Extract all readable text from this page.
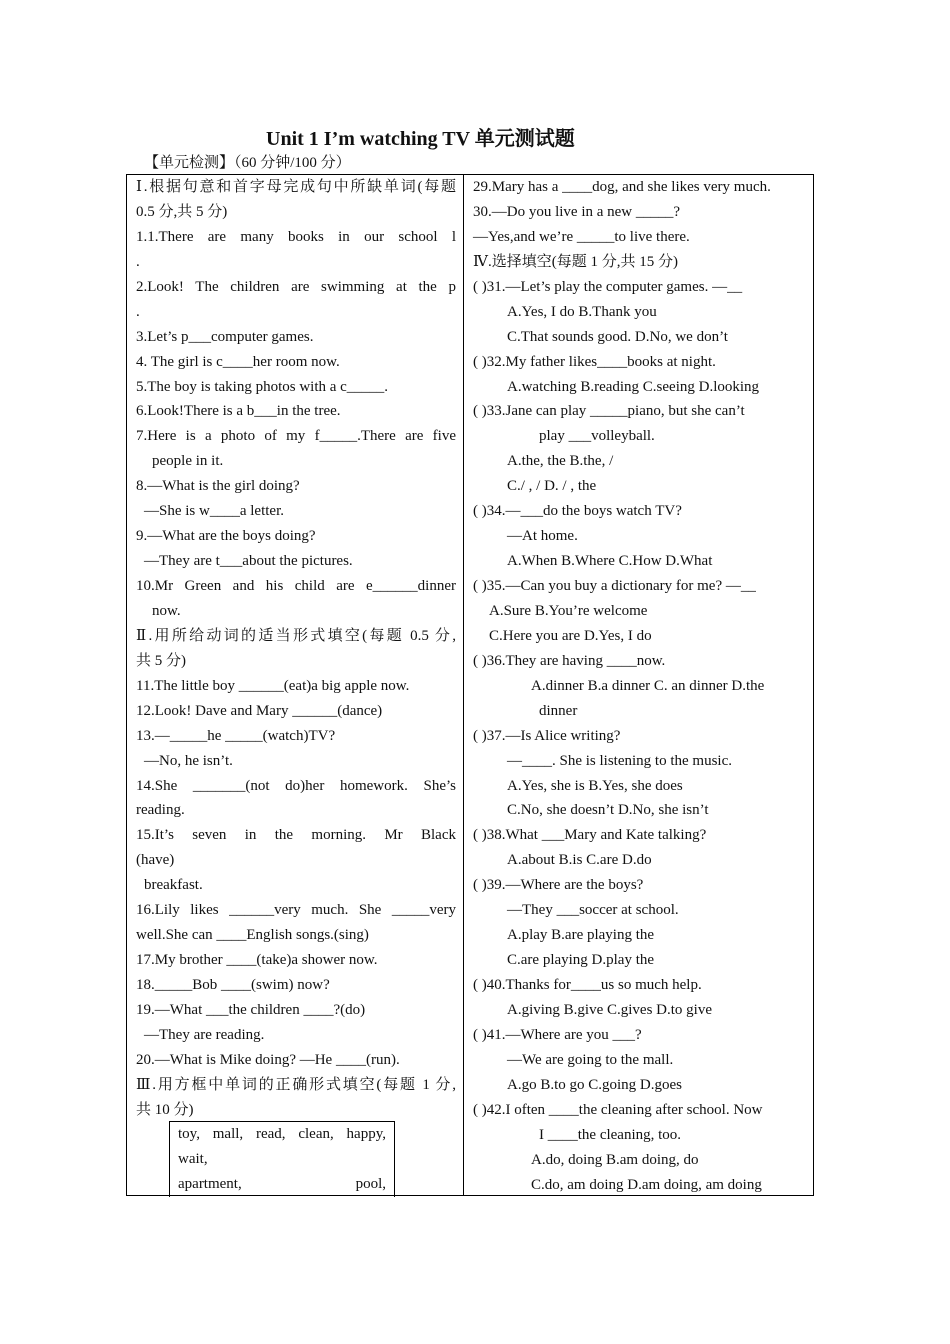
Unit 1 I’m watching TV 单元测试题
【单元检测】（60 分钟/100 分）
Ⅰ.根据句意和首字母完成句中所缺单词(每题
0.5 分,共 5 分)
1.1.There are many books in our school l
.
2.Look! The children are swimming at the p
.
3.Let’s p___computer games.
4. The girl is c____her room now.
5.The boy is taking photos with a c_____.
6.Look!There is a b___in the tree.
7.Here is a photo of my f_____.There are five
people in it.
8.—What is the girl doing?
—She is w____a letter.
9.—What are the boys doing?
—They are t___about the pictures.
10.Mr Green and his child are e______dinner
now.
Ⅱ.用所给动词的适当形式填空(每题 0.5 分,
共 5 分)
11.The little boy ______(eat)a big apple now.
12.Look! Dave and Mary ______(dance)
13.—_____he _____(watch)TV?
—No, he isn’t.
14.She _______(not do)her homework. She’s
reading.
15.It’s seven in the morning. Mr Black
(have)
breakfast.
16.Lily likes ______very much. She _____very
well.She can ____English songs.(sing)
17.My brother ____(take)a shower now.
18._____Bob ____(swim) now?
19.—What ___the children ____?(do)
—They are reading.
20.—What is Mike doing? —He ____(run).
Ⅲ.用方框中单词的正确形式填空(每题 1 分,
共 10 分)
29.Mary has a ____dog, and she likes very much.
30.—Do you live in a new _____?
—Yes,and we’re _____to live there.
Ⅳ.选择填空(每题 1 分,共 15 分)
( )31.—Let’s play the computer games. —__
A.Yes, I do B.Thank you
C.That sounds good. D.No, we don’t
( )32.My father likes____books at night.
A.watching B.reading C.seeing D.looking
( )33.Jane can play _____piano, but she can’t
play ___volleyball.
A.the, the B.the, /
C./ , / D. / , the
( )34.—___do the boys watch TV?
—At home.
A.When B.Where C.How D.What
( )35.—Can you buy a dictionary for me? —__
A.Sure B.You’re welcome
C.Here you are D.Yes, I do
( )36.They are having ____now.
A.dinner B.a dinner C. an dinner D.the
dinner
( )37.—Is Alice writing?
—____. She is listening to the music.
A.Yes, she is B.Yes, she does
C.No, she doesn’t D.No, she isn’t
( )38.What ___Mary and Kate talking?
A.about B.is C.are D.do
( )39.—Where are the boys?
—They ___soccer at school.
A.play B.are playing the
C.are playing D.play the
( )40.Thanks for____us so much help.
A.giving B.give C.gives D.to give
( )41.—Where are you ___?
—We are going to the mall.
A.go B.to go C.going D.goes
( )42.I often ____the cleaning after school. Now
I ____the cleaning, too.
A.do, doing B.am doing, do
C.do, am doing D.am doing, am doing
toy, mall, read, clean, happy,
wait,
apartment, pool,
